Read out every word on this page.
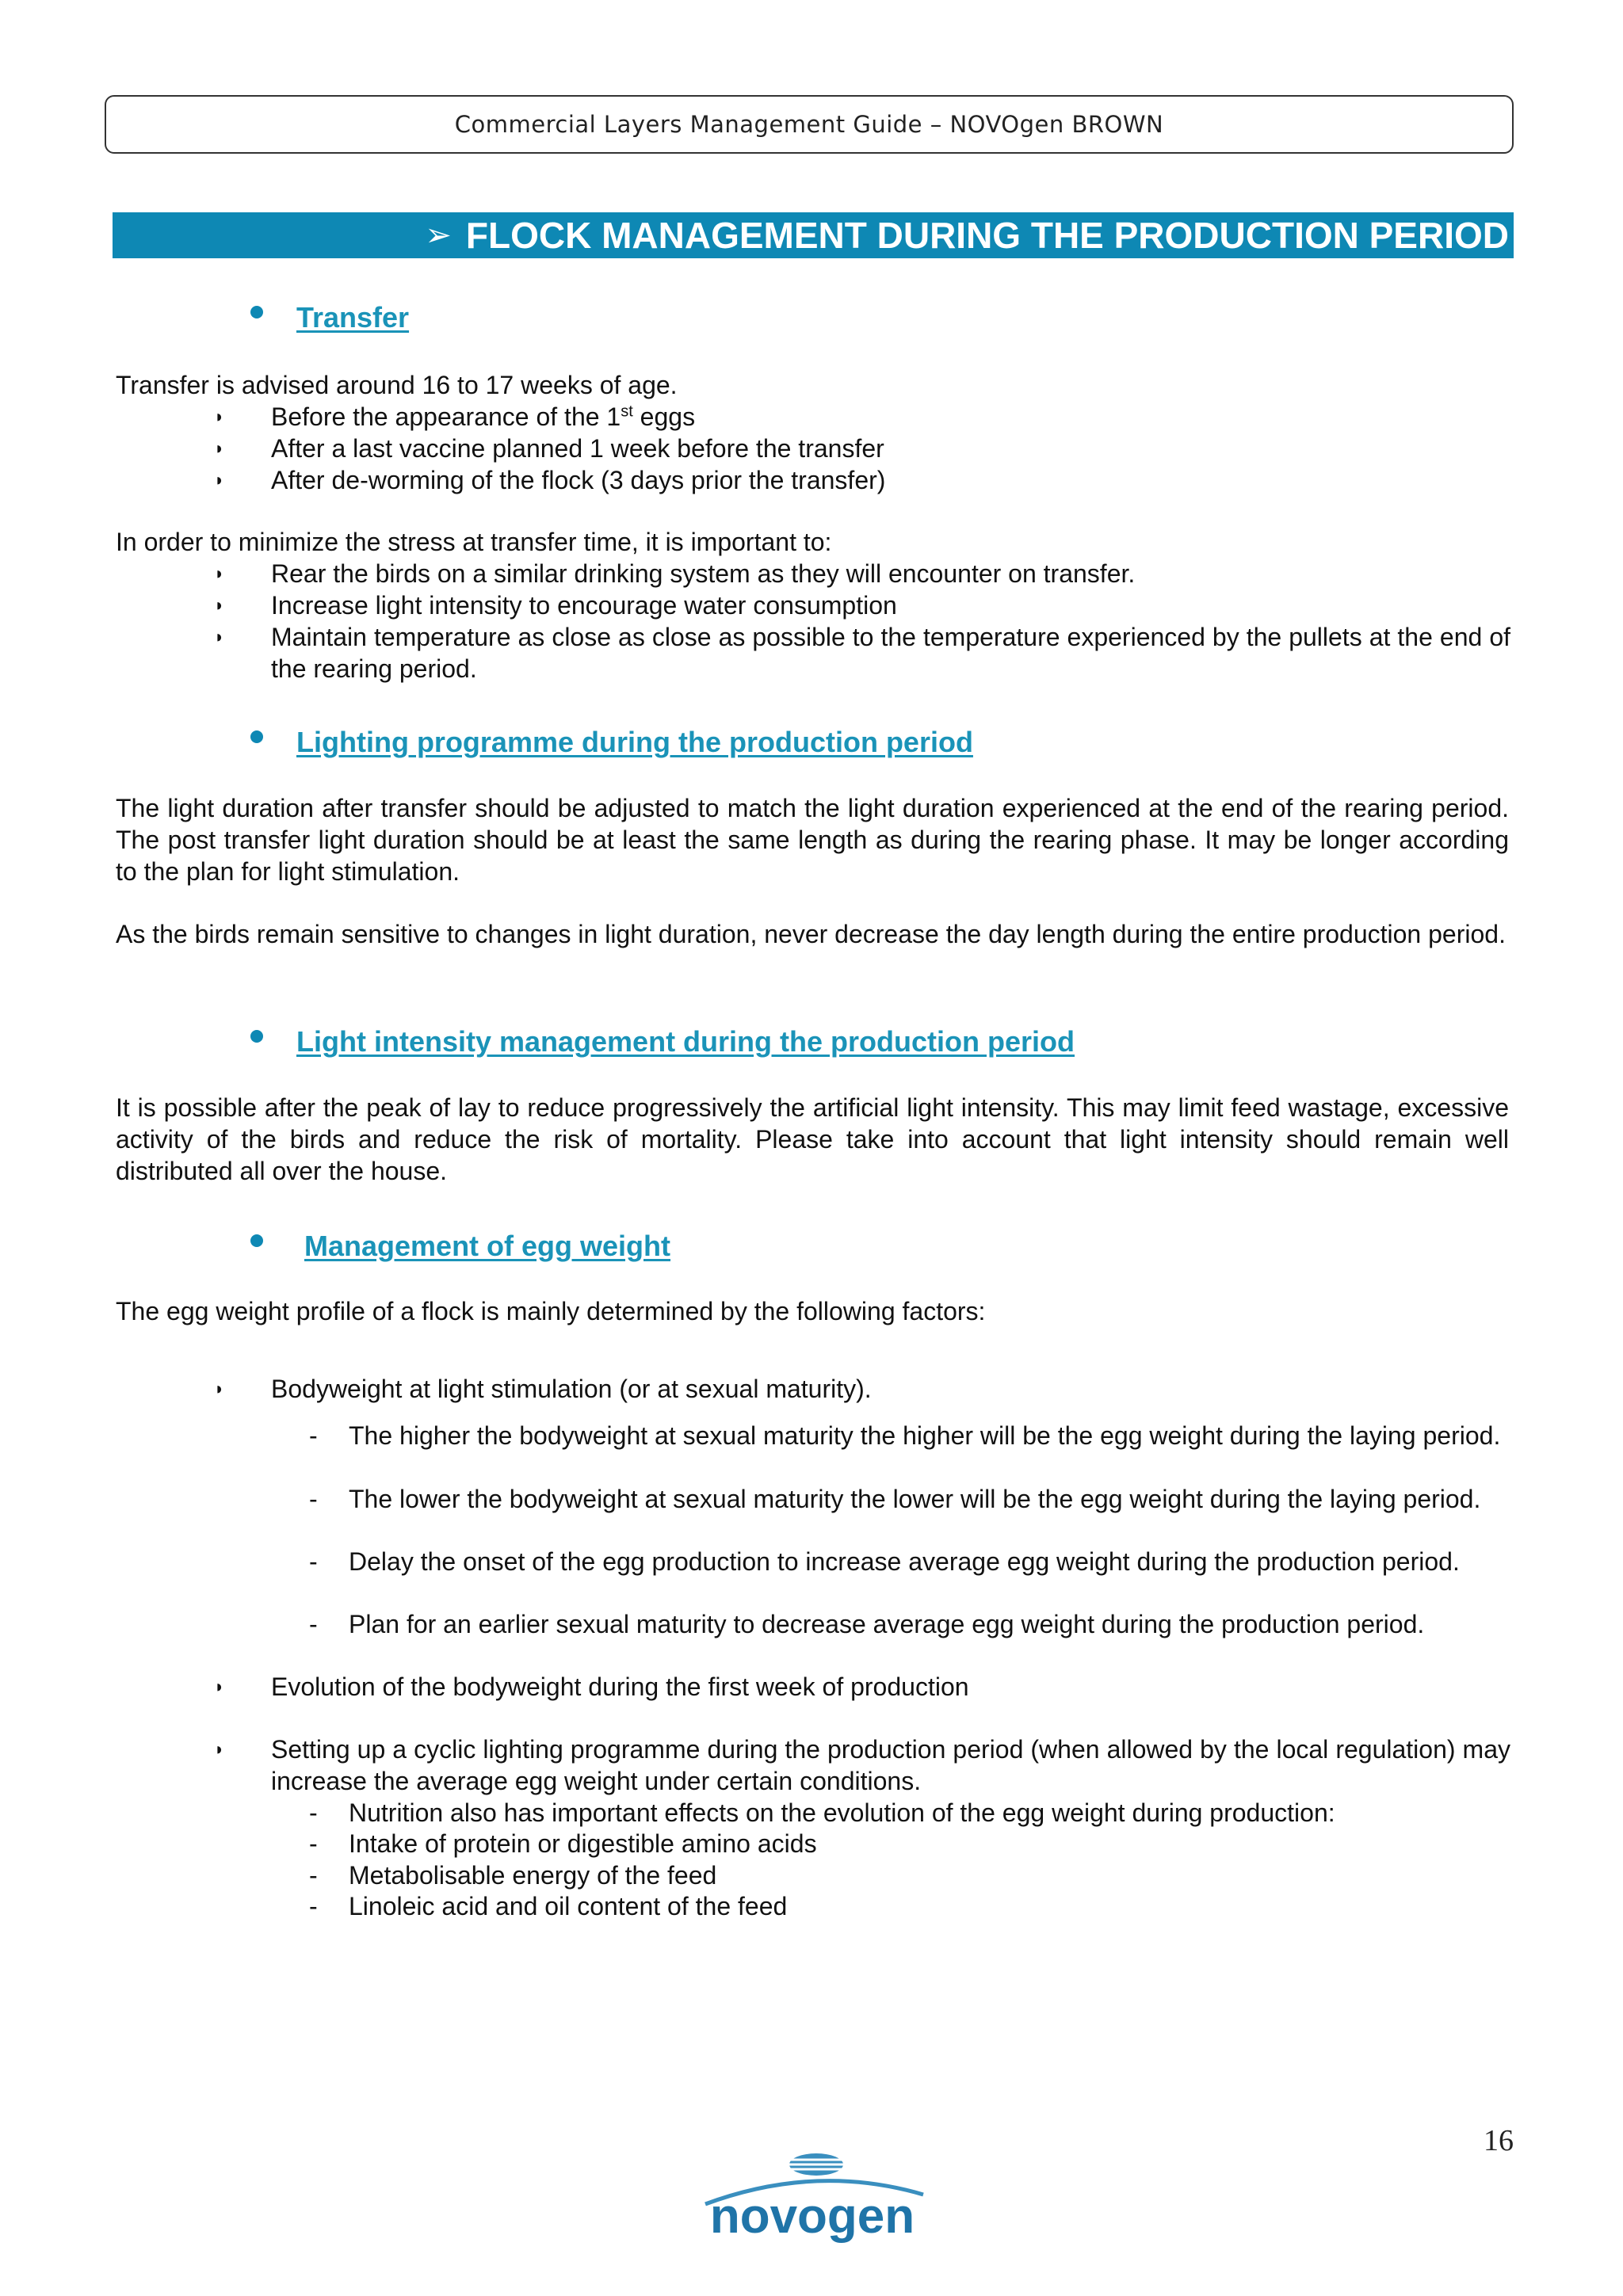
Commercial Layers Management Guide – NOVOgen BROWN
➢ FLOCK MANAGEMENT DURING THE PRODUCTION PERIOD
Transfer
Transfer is advised around 16 to 17 weeks of age.
◗ Before the appearance of the 1st eggs
◗ After a last vaccine planned 1 week before the transfer
◗ After de-worming of the flock (3 days prior the transfer)
In order to minimize the stress at transfer time, it is important to:
◗ Rear the birds on a similar drinking system as they will encounter on transfer.
◗ Increase light intensity to encourage water consumption
◗ Maintain temperature as close as close as possible to the temperature experienced by the pullets at the end of the rearing period.
Lighting programme during the production period
The light duration after transfer should be adjusted to match the light duration experienced at the end of the rearing period. The post transfer light duration should be at least the same length as during the rearing phase. It may be longer according to the plan for light stimulation.
As the birds remain sensitive to changes in light duration, never decrease the day length during the entire production period.
Light intensity management during the production period
It is possible after the peak of lay to reduce progressively the artificial light intensity. This may limit feed wastage, excessive activity of the birds and reduce the risk of mortality. Please take into account that light intensity should remain well distributed all over the house.
Management of egg weight
The egg weight profile of a flock is mainly determined by the following factors:
◗ Bodyweight at light stimulation (or at sexual maturity).
- The higher the bodyweight at sexual maturity the higher will be the egg weight during the laying period.
- The lower the bodyweight at sexual maturity the lower will be the egg weight during the laying period.
- Delay the onset of the egg production to increase average egg weight during the production period.
- Plan for an earlier sexual maturity to decrease average egg weight during the production period.
◗ Evolution of the bodyweight during the first week of production
◗ Setting up a cyclic lighting programme during the production period (when allowed by the local regulation) may increase the average egg weight under certain conditions.
- Nutrition also has important effects on the evolution of the egg weight during production:
- Intake of protein or digestible amino acids
- Metabolisable energy of the feed
- Linoleic acid and oil content of the feed
16
novogen
